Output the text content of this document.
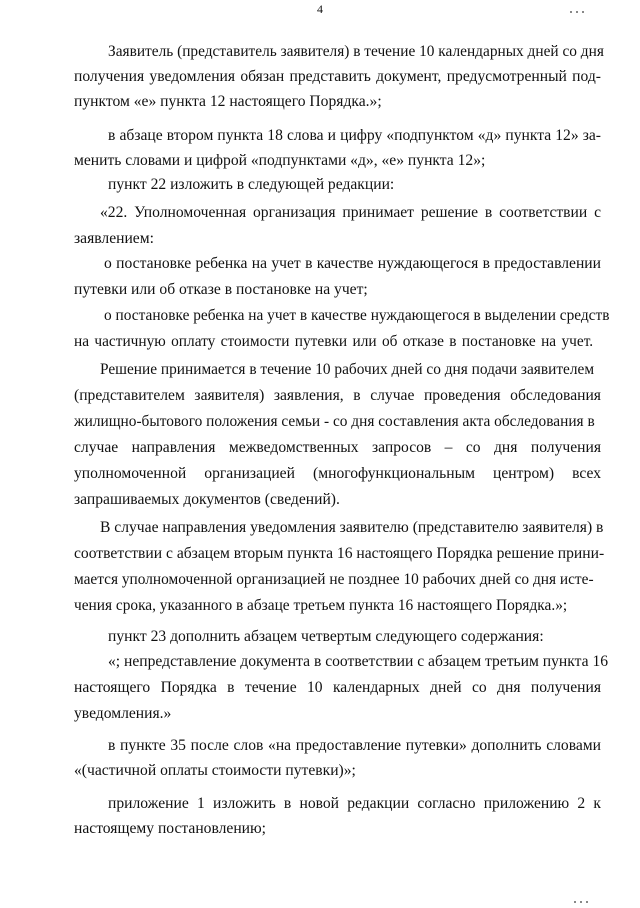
4
Заявитель (представитель заявителя) в течение 10 календарных дней со дня
получения уведомления обязан представить документ, предусмотренный под-
пунктом «е» пункта 12 настоящего Порядка.»;
в абзаце втором пункта 18 слова и цифру «подпунктом «д» пункта 12» за-
менить словами и цифрой «подпунктами «д», «е» пункта 12»;
пункт 22 изложить в следующей редакции:
«22. Уполномоченная организация принимает решение в соответствии с
заявлением:
о постановке ребенка на учет в качестве нуждающегося в предоставлении
путевки или об отказе в постановке на учет;
о постановке ребенка на учет в качестве нуждающегося в выделении средств
на частичную оплату стоимости путевки или об отказе в постановке на учет.
Решение принимается в течение 10 рабочих дней со дня подачи заявителем
(представителем заявителя) заявления, в случае проведения обследования
жилищно-бытового положения семьи - со дня составления акта обследования в
случае направления межведомственных запросов – со дня получения
уполномоченной организацией (многофункциональным центром) всех
запрашиваемых документов (сведений).
В случае направления уведомления заявителю (представителю заявителя) в
соответствии с абзацем вторым пункта 16 настоящего Порядка решение прини-
мается уполномоченной организацией не позднее 10 рабочих дней со дня исте-
чения срока, указанного в абзаце третьем пункта 16 настоящего Порядка.»;
пункт 23 дополнить абзацем четвертым следующего содержания:
«; непредставление документа в соответствии с абзацем третьим пункта 16
настоящего Порядка в течение 10 календарных дней со дня получения
уведомления.»
в пункте 35 после слов «на предоставление путевки» дополнить словами
«(частичной оплаты стоимости путевки)»;
приложение 1 изложить в новой редакции согласно приложению 2 к
настоящему постановлению;
